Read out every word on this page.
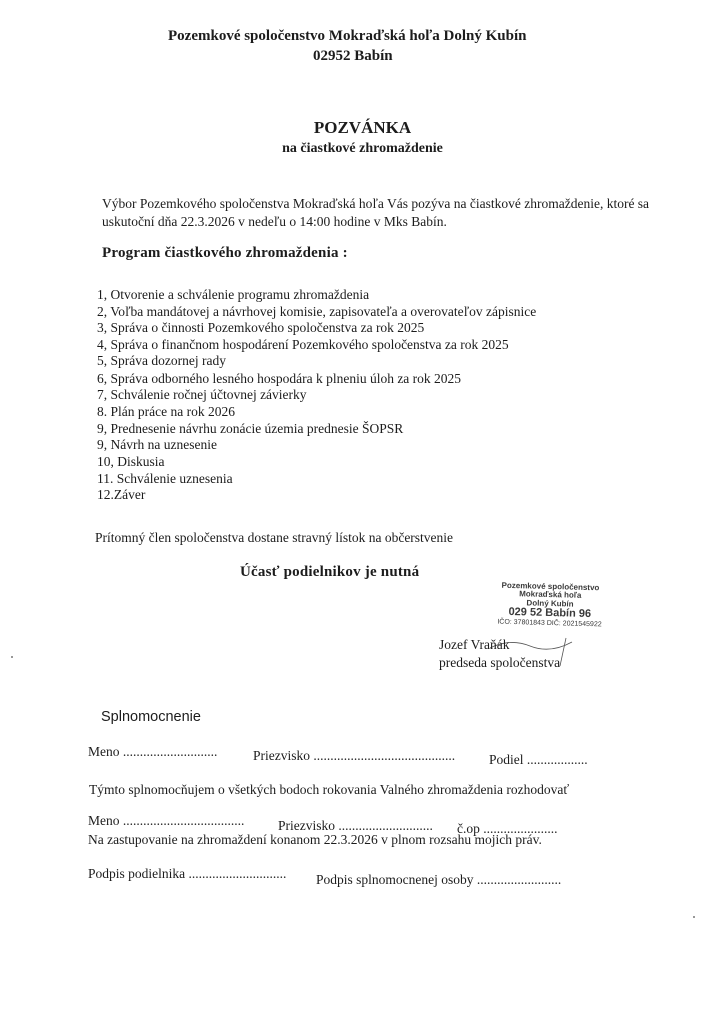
Pozemkové spoločenstvo Mokraďská hoľa Dolný Kubín
02952 Babín
POZVÁNKA
na čiastkové zhromaždenie
Výbor Pozemkového spoločenstva Mokraďská hoľa Vás pozýva na čiastkové zhromaždenie, ktoré sa
uskutoční dňa 22.3.2026 v nedeľu o 14:00 hodine v Mks Babín.
Program čiastkového zhromaždenia :
1, Otvorenie a schválenie programu zhromaždenia
2, Voľba mandátovej a návrhovej komisie, zapisovateľa a overovateľov zápisnice
3, Správa o činnosti Pozemkového spoločenstva za rok 2025
4, Správa o finančnom hospodárení Pozemkového spoločenstva za rok 2025
5, Správa dozornej rady
6, Správa odborného lesného hospodára k plneniu úloh za rok 2025
7, Schválenie ročnej účtovnej závierky
8. Plán práce na rok 2026
9, Prednesenie návrhu zonácie územia prednesie ŠOPSR
9, Návrh na uznesenie
10, Diskusia
11. Schválenie uznesenia
12.Záver
Prítomný člen spoločenstva dostane stravný lístok na občerstvenie
Účasť podielnikov je nutná
Pozemkové spoločenstvo
Mokraďská hoľa
Dolný Kubín
029 52 Babín 96
IČO: 37801843 DIČ: 2021545922
Jozef Vraňák
predseda spoločenstva
Splnomocnenie
Meno ............................	Priezvisko ..........................................	Podiel ..................
Týmto splnomocňujem o všetkých bodoch rokovania Valného zhromaždenia rozhodovať
Meno .................................... Priezvisko ............................ č.op ......................
Na zastupovanie na zhromaždení konanom 22.3.2026 v plnom rozsahu mojich práv.
Podpis podielnika ............................. Podpis splnomocnenej osoby .........................
